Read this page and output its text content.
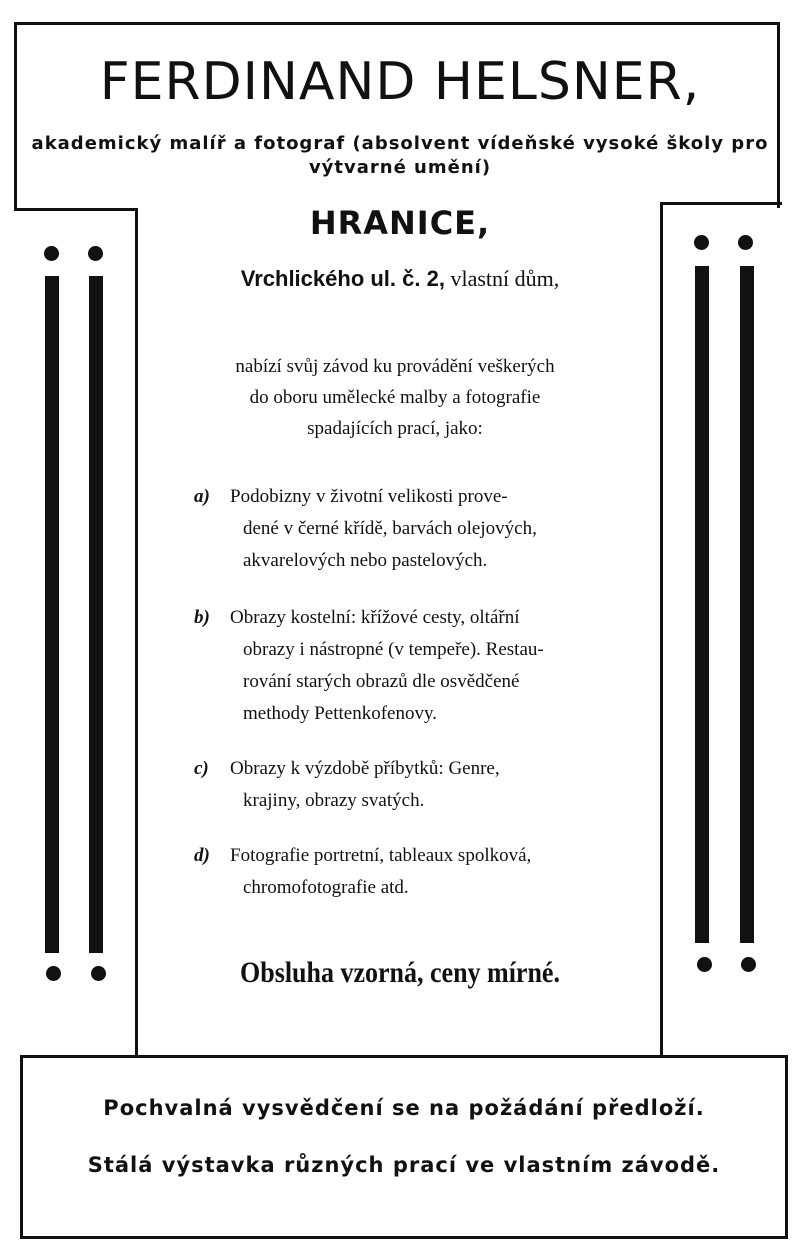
FERDINAND HELSNER,
akademický malíř a fotograf (absolvent vídeňské vysoké školy pro výtvarné umění)
HRANICE,
Vrchlického ul. č. 2, vlastní dům,
nabízí svůj závod ku provádění veškerých
do oboru umělecké malby a fotografie
spadajících prací, jako:
a)	Podobizny v životní velikosti prove-
dené v černé křídě, barvách olejových,
akvarelových nebo pastelových.
b)	Obrazy kostelní: křížové cesty, oltářní
obrazy i nástropné (v tempeře). Restau-
rování starých obrazů dle osvědčené
methody Pettenkofenovy.
c)	Obrazy k výzdobě příbytků: Genre,
krajiny, obrazy svatých.
d)	Fotografie portretní, tableaux spolková,
chromofotografie atd.
Obsluha vzorná, ceny mírné.
Pochvalná vysvědčení se na požádání předloží.
Stálá výstavka různých prací ve vlastním závodě.
